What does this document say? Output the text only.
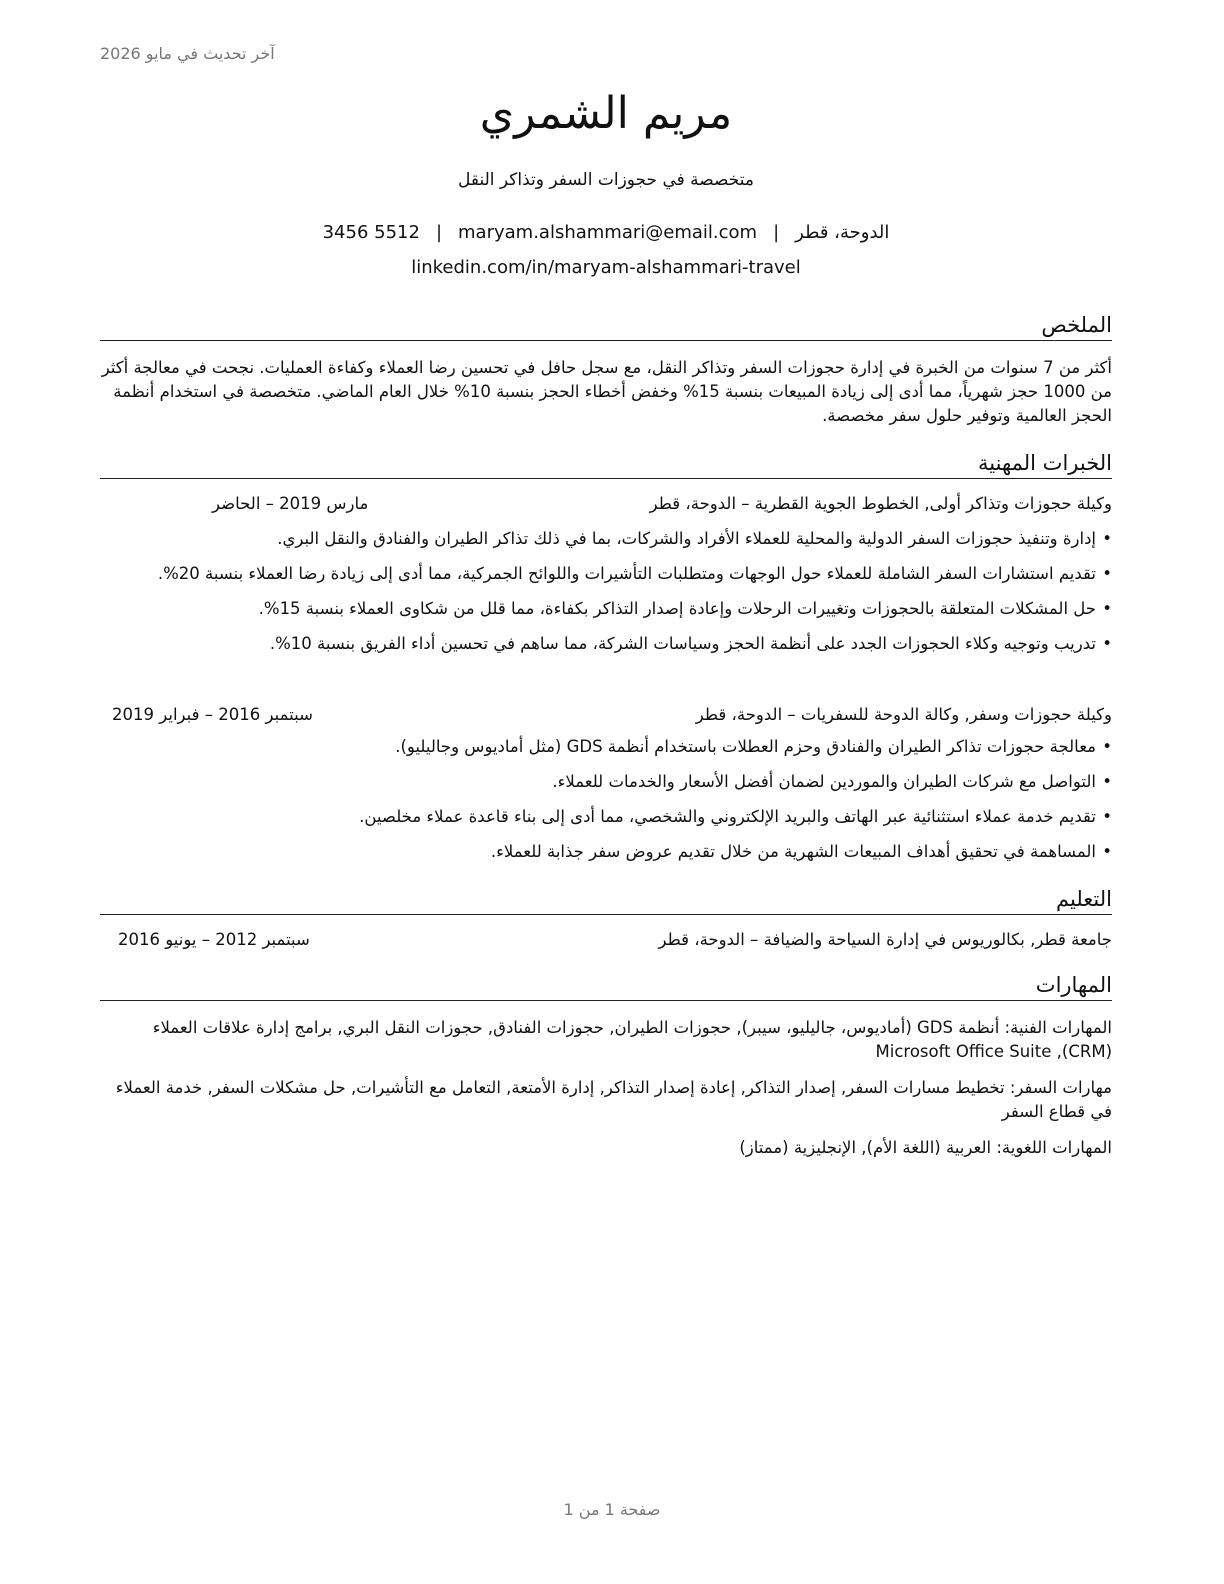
آخر تحديث في مايو 2026
مريم الشمري
متخصصة في حجوزات السفر وتذاكر النقل
الدوحة، قطر|maryam.alshammari@email.com|3456 5512
linkedin.com/in/maryam-alshammari-travel
الملخص
أكثر من 7 سنوات من الخبرة في إدارة حجوزات السفر وتذاكر النقل، مع سجل حافل في تحسين رضا العملاء وكفاءة العمليات. نجحت في معالجة أكثر من 1000 حجز شهرياً، مما أدى إلى زيادة المبيعات بنسبة 15% وخفض أخطاء الحجز بنسبة 10% خلال العام الماضي. متخصصة في استخدام أنظمة الحجز العالمية وتوفير حلول سفر مخصصة.
الخبرات المهنية
وكيلة حجوزات وتذاكر أولى, الخطوط الجوية القطرية – الدوحة، قطر
مارس 2019 – الحاضر
• إدارة وتنفيذ حجوزات السفر الدولية والمحلية للعملاء الأفراد والشركات، بما في ذلك تذاكر الطيران والفنادق والنقل البري.
• تقديم استشارات السفر الشاملة للعملاء حول الوجهات ومتطلبات التأشيرات واللوائح الجمركية، مما أدى إلى زيادة رضا العملاء بنسبة 20%.
• حل المشكلات المتعلقة بالحجوزات وتغييرات الرحلات وإعادة إصدار التذاكر بكفاءة، مما قلل من شكاوى العملاء بنسبة 15%.
• تدريب وتوجيه وكلاء الحجوزات الجدد على أنظمة الحجز وسياسات الشركة، مما ساهم في تحسين أداء الفريق بنسبة 10%.
وكيلة حجوزات وسفر, وكالة الدوحة للسفريات – الدوحة، قطر
سبتمبر 2016 – فبراير 2019
• معالجة حجوزات تذاكر الطيران والفنادق وحزم العطلات باستخدام أنظمة GDS (مثل أماديوس وجاليليو).
• التواصل مع شركات الطيران والموردين لضمان أفضل الأسعار والخدمات للعملاء.
• تقديم خدمة عملاء استثنائية عبر الهاتف والبريد الإلكتروني والشخصي، مما أدى إلى بناء قاعدة عملاء مخلصين.
• المساهمة في تحقيق أهداف المبيعات الشهرية من خلال تقديم عروض سفر جذابة للعملاء.
التعليم
جامعة قطر, بكالوريوس في إدارة السياحة والضيافة – الدوحة، قطر
سبتمبر 2012 – يونيو 2016
المهارات
المهارات الفنية: أنظمة GDS (أماديوس، جاليليو، سيبر), حجوزات الطيران, حجوزات الفنادق, حجوزات النقل البري, برامج إدارة علاقات العملاء (CRM), Microsoft Office Suite
مهارات السفر: تخطيط مسارات السفر, إصدار التذاكر, إعادة إصدار التذاكر, إدارة الأمتعة, التعامل مع التأشيرات, حل مشكلات السفر, خدمة العملاء في قطاع السفر
المهارات اللغوية: العربية (اللغة الأم), الإنجليزية (ممتاز)
صفحة 1 من 1
